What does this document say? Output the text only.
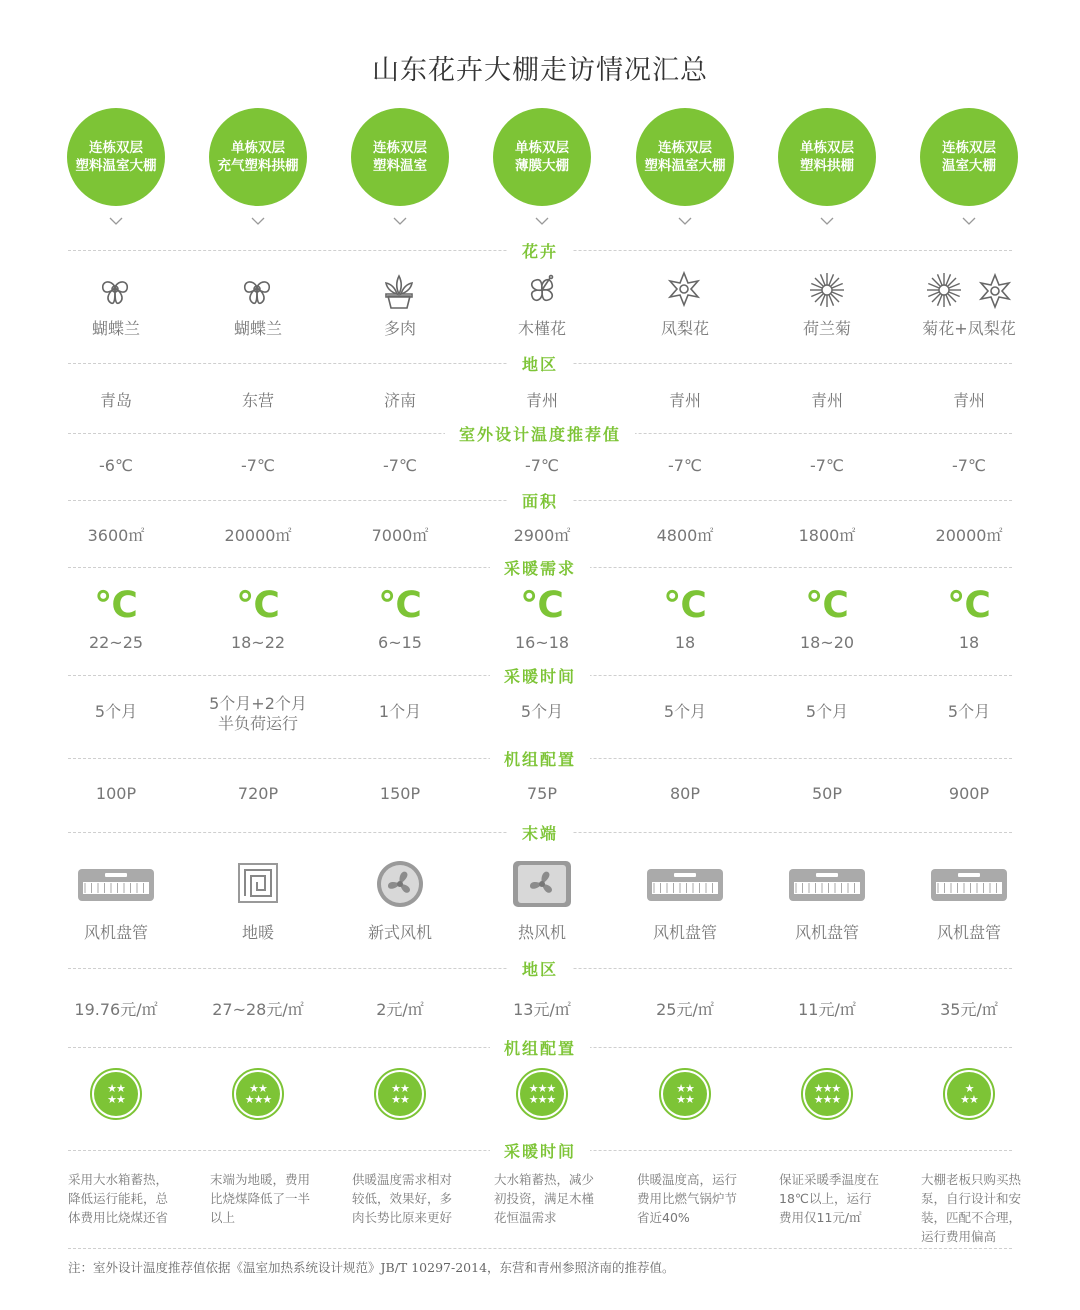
山东花卉大棚走访情况汇总
花卉
地区
室外设计温度推荐值
面积
采暖需求
采暖时间
机组配置
末端
地区
机组配置
采暖时间
连栋双层
塑料温室大棚
蝴蝶兰
青岛
-6℃
3600㎡
22~25
100P
风机盘管
19.76元/㎡
℃
5个月
★★
★★
采用大水箱蓄热，
降低运行能耗，总
体费用比烧煤还省
单栋双层
充气塑料拱棚
蝴蝶兰
东营
-7℃
20000㎡
18~22
720P
地暖
27~28元/㎡
℃
5个月+2个月
半负荷运行
★★
★★★
末端为地暖，费用
比烧煤降低了一半
以上
连栋双层
塑料温室
多肉
济南
-7℃
7000㎡
6~15
150P
新式风机
2元/㎡
℃
1个月
★★
★★
供暖温度需求相对
较低，效果好，多
肉长势比原来更好
单栋双层
薄膜大棚
木槿花
青州
-7℃
2900㎡
16~18
75P
热风机
13元/㎡
℃
5个月
★★★
★★★
大水箱蓄热，减少
初投资，满足木槿
花恒温需求
连栋双层
塑料温室大棚
凤梨花
青州
-7℃
4800㎡
18
80P
风机盘管
25元/㎡
℃
5个月
★★
★★
供暖温度高，运行
费用比燃气锅炉节
省近40%
单栋双层
塑料拱棚
荷兰菊
青州
-7℃
1800㎡
18~20
50P
风机盘管
11元/㎡
℃
5个月
★★★
★★★
保证采暖季温度在
18℃以上，运行
费用仅11元/㎡
连栋双层
温室大棚
菊花+凤梨花
青州
-7℃
20000㎡
18
900P
风机盘管
35元/㎡
℃
5个月
★
★★
大棚老板只购买热
泵，自行设计和安
装，匹配不合理，
运行费用偏高
注：室外设计温度推荐值依据《温室加热系统设计规范》JB/T 10297-2014，东营和青州参照济南的推荐值。
